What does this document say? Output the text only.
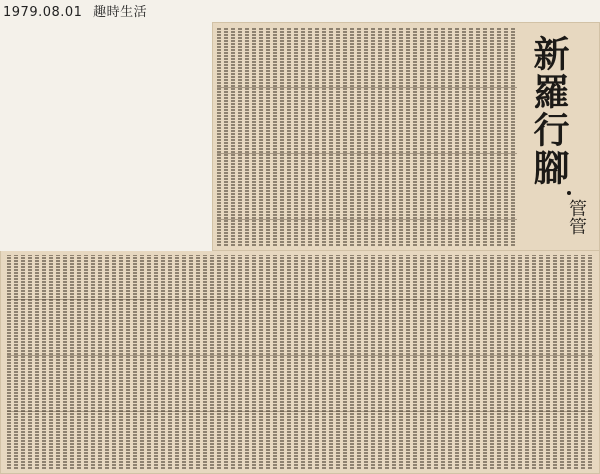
1979.08.01 趣時生活
新羅行腳
管管
